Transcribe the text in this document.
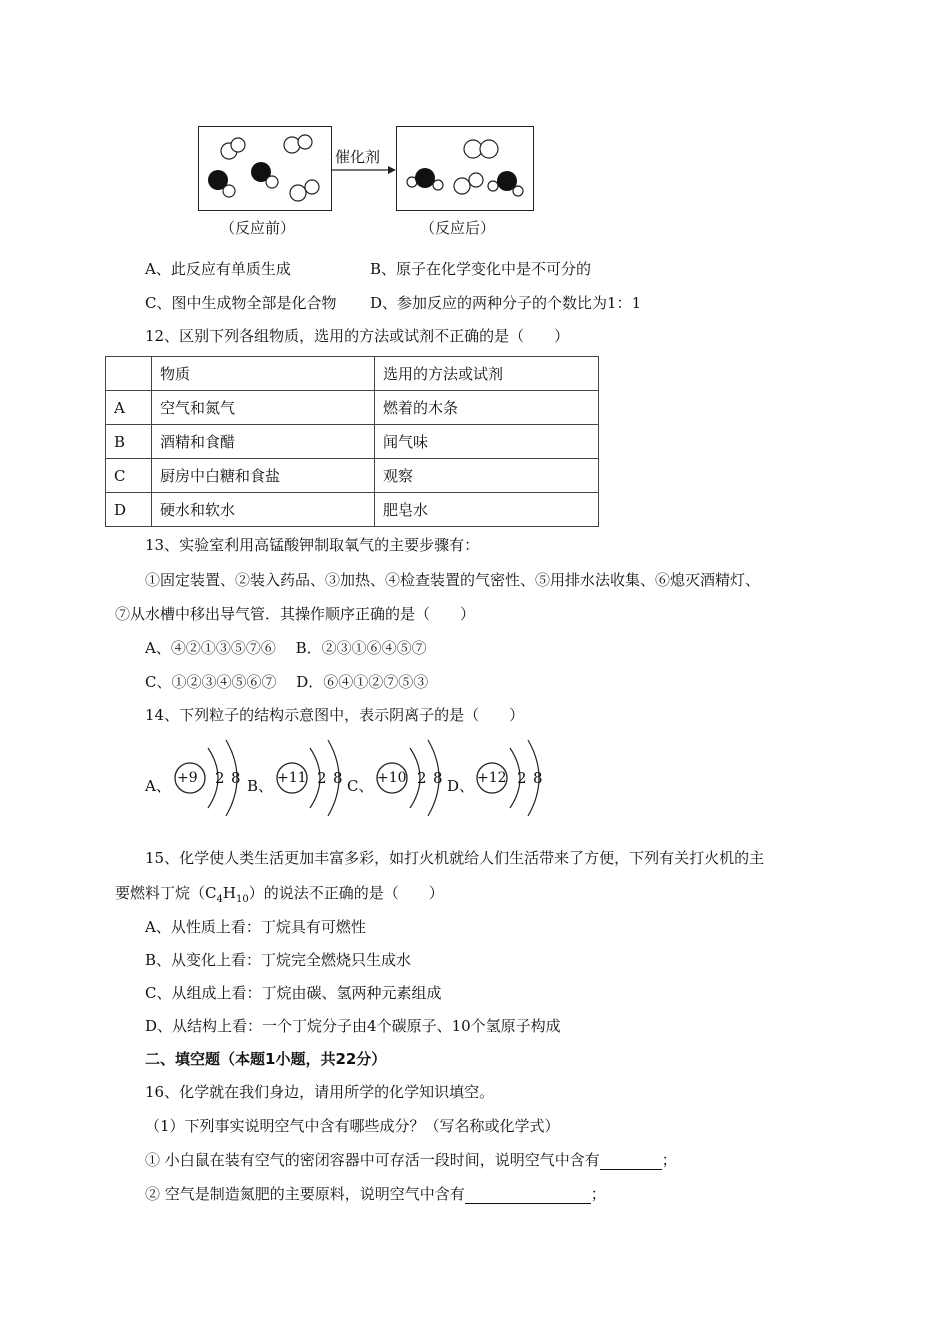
催化剂
（反应前）	（反应后）
A、此反应有单质生成	B、原子在化学变化中是不可分的
C、图中生成物全部是化合物 D、参加反应的两种分子的个数比为1：1
12、区别下列各组物质，选用的方法或试剂不正确的是（　　）
	物质	选用的方法或试剂
A	空气和氮气	燃着的木条
B	酒精和食醋	闻气味
C	厨房中白糖和食盐	观察
D	硬水和软水	肥皂水
13、实验室利用高锰酸钾制取氧气的主要步骤有：
①固定装置、②装入药品、③加热、④检查装置的气密性、⑤用排水法收集、⑥熄灭酒精灯、
⑦从水槽中移出导气管．其操作顺序正确的是（　　）
A、④②①③⑤⑦⑥　 B．②③①⑥④⑤⑦
C、①②③④⑤⑥⑦　 D．⑥④①②⑦⑤③
14、下列粒子的结构示意图中，表示阴离子的是（　　）
A、 +9 2 8 B、 +11 2 8 C、 +10 2 8 D、 +12 2 8
15、化学使人类生活更加丰富多彩，如打火机就给人们生活带来了方便，下列有关打火机的主
要燃料丁烷$(C_4H_{10})$的说法不正确的是（　　）
A、从性质上看：丁烷具有可燃性
B、从变化上看：丁烷完全燃烧只生成水
C、从组成上看：丁烷由碳、氢两种元素组成
D、从结构上看：一个丁烷分子由4个碳原子、10个氢原子构成
二、填空题（本题1小题，共22分）
16、化学就在我们身边，请用所学的化学知识填空。
（1）下列事实说明空气中含有哪些成分？（写名称或化学式）
① 小白鼠在装有空气的密闭容器中可存活一段时间，说明空气中含有	；
② 空气是制造氮肥的主要原料，说明空气中含有	；
